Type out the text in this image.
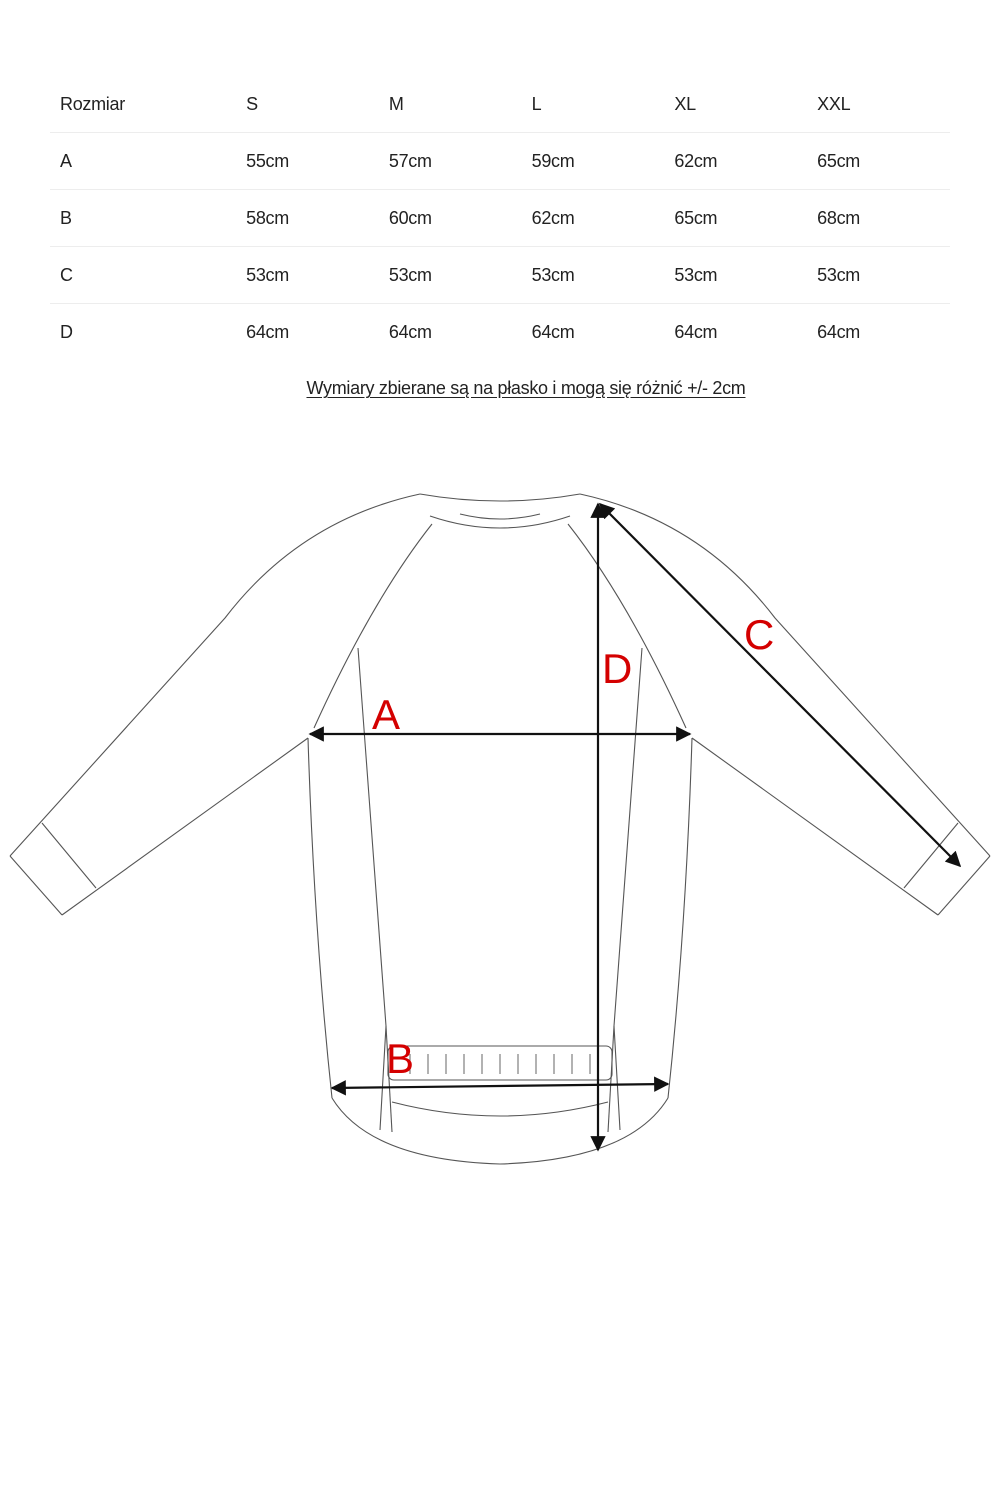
Rozmiar	S	M	L	XL	XXL
A	55cm	57cm	59cm	62cm	65cm
B	58cm	60cm	62cm	65cm	68cm
C	53cm	53cm	53cm	53cm	53cm
D	64cm	64cm	64cm	64cm	64cm
Wymiary zbierane są na płasko i mogą się różnić +/- 2cm
A
B
C
D
